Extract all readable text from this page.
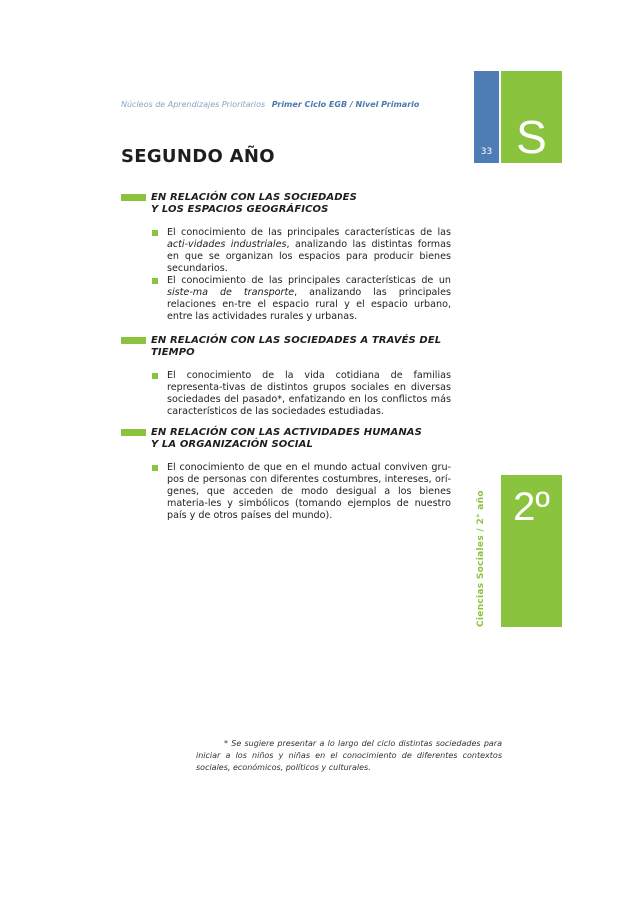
Núcleos de Aprendizajes Prioritarios Primer Ciclo EGB / Nivel Primario
33 S
SEGUNDO AÑO
EN RELACIÓN CON LAS SOCIEDADES
Y LOS ESPACIOS GEOGRÁFICOS
El conocimiento de las principales características de las acti-vidades industriales, analizando las distintas formas en que se organizan los espacios para producir bienes secundarios.
El conocimiento de las principales características de un siste-ma de transporte, analizando las principales relaciones en-tre el espacio rural y el espacio urbano, entre las actividades rurales y urbanas.
EN RELACIÓN CON LAS SOCIEDADES A TRAVÉS DEL TIEMPO
El conocimiento de la vida cotidiana de familias representa-tivas de distintos grupos sociales en diversas sociedades del pasado*, enfatizando en los conflictos más característicos de las sociedades estudiadas.
EN RELACIÓN CON LAS ACTIVIDADES HUMANAS
Y LA ORGANIZACIÓN SOCIAL
El conocimiento de que en el mundo actual conviven gru-pos de personas con diferentes costumbres, intereses, orí-genes, que acceden de modo desigual a los bienes materia-les y simbólicos (tomando ejemplos de nuestro país y de otros países del mundo).	Ciencias Sociales / 2° año 2º
* Se sugiere presentar a lo largo del ciclo distintas sociedades para iniciar a los niños y niñas en el conocimiento de diferentes contextos sociales, económicos, políticos y culturales.
